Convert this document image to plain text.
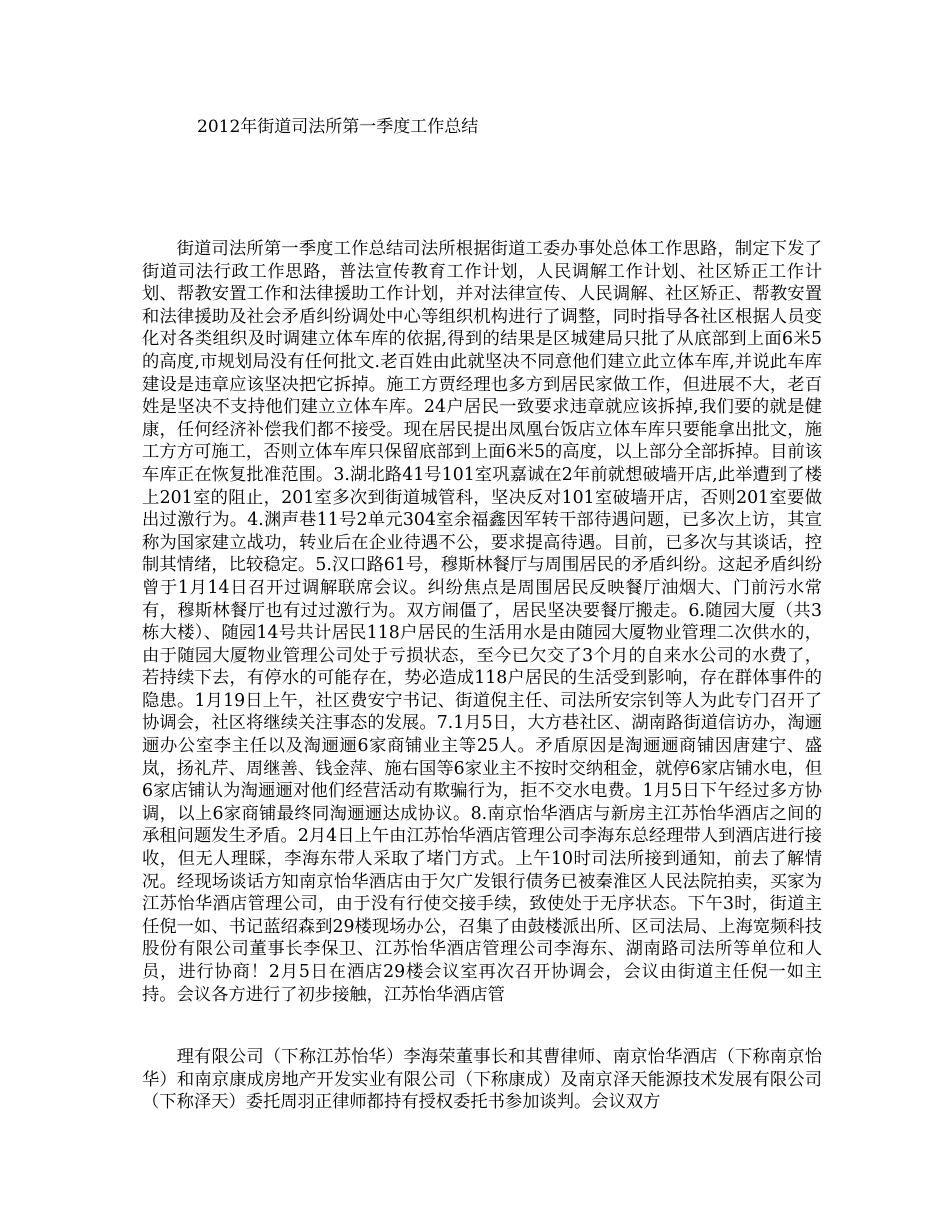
2012年街道司法所第一季度工作总结

街道司法所第一季度工作总结司法所根据街道工委办事处总体工作思路，制定下发了街道司法行政工作思路，普法宣传教育工作计划，人民调解工作计划、社区矫正工作计划、帮教安置工作和法律援助工作计划，并对法律宣传、人民调解、社区矫正、帮教安置和法律援助及社会矛盾纠纷调处中心等组织机构进行了调整，同时指导各社区根据人员变化对各类组织及时调建立体车库的依据,得到的结果是区城建局只批了从底部到上面6米5的高度,市规划局没有任何批文.老百姓由此就坚决不同意他们建立此立体车库,并说此车库建设是违章应该坚决把它拆掉。施工方贾经理也多方到居民家做工作，但进展不大，老百姓是坚决不支持他们建立立体车库。24户居民一致要求违章就应该拆掉,我们要的就是健康，任何经济补偿我们都不接受。现在居民提出凤凰台饭店立体车库只要能拿出批文，施工方方可施工，否则立体车库只保留底部到上面6米5的高度，以上部分全部拆掉。目前该车库正在恢复批准范围。3.湖北路41号101室巩嘉诚在2年前就想破墙开店,此举遭到了楼上201室的阻止，201室多次到街道城管科，坚决反对101室破墙开店，否则201室要做出过激行为。4.渊声巷11号2单元304室余福鑫因军转干部待遇问题，已多次上访，其宣称为国家建立战功，转业后在企业待遇不公，要求提高待遇。目前，已多次与其谈话，控制其情绪，比较稳定。5.汉口路61号，穆斯林餐厅与周围居民的矛盾纠纷。这起矛盾纠纷曾于1月14日召开过调解联席会议。纠纷焦点是周围居民反映餐厅油烟大、门前污水常有，穆斯林餐厅也有过过激行为。双方闹僵了，居民坚决要餐厅搬走。6.随园大厦（共3栋大楼）、随园14号共计居民118户居民的生活用水是由随园大厦物业管理二次供水的，由于随园大厦物业管理公司处于亏损状态，至今已欠交了3个月的自来水公司的水费了，若持续下去，有停水的可能存在，势必造成118户居民的生活受到影响，存在群体事件的隐患。1月19日上午，社区费安宁书记、街道倪主任、司法所安宗钊等人为此专门召开了协调会，社区将继续关注事态的发展。7.1月5日，大方巷社区、湖南路街道信访办，淘逦逦办公室李主任以及淘逦逦6家商铺业主等25人。矛盾原因是淘逦逦商铺因唐建宁、盛岚，扬礼芹、周继善、钱金萍、施右国等6家业主不按时交纳租金，就停6家店铺水电，但6家店铺认为淘逦逦对他们经营活动有欺骗行为，拒不交水电费。1月5日下午经过多方协调，以上6家商铺最终同淘逦逦达成协议。8.南京怡华酒店与新房主江苏怡华酒店之间的承租问题发生矛盾。2月4日上午由江苏怡华酒店管理公司李海东总经理带人到酒店进行接收，但无人理睬，李海东带人采取了堵门方式。上午10时司法所接到通知，前去了解情况。经现场谈话方知南京怡华酒店由于欠广发银行债务已被秦淮区人民法院拍卖，买家为江苏怡华酒店管理公司，由于没有行使交接手续，致使处于无序状态。下午3时，街道主任倪一如、书记蓝绍森到29楼现场办公，召集了由鼓楼派出所、区司法局、上海宽频科技股份有限公司董事长李保卫、江苏怡华酒店管理公司李海东、湖南路司法所等单位和人员，进行协商！2月5日在酒店29楼会议室再次召开协调会，会议由街道主任倪一如主持。会议各方进行了初步接触，江苏怡华酒店管

理有限公司（下称江苏怡华）李海荣董事长和其曹律师、南京怡华酒店（下称南京怡华）和南京康成房地产开发实业有限公司（下称康成）及南京泽天能源技术发展有限公司（下称泽天）委托周羽正律师都持有授权委托书参加谈判。会议双方
